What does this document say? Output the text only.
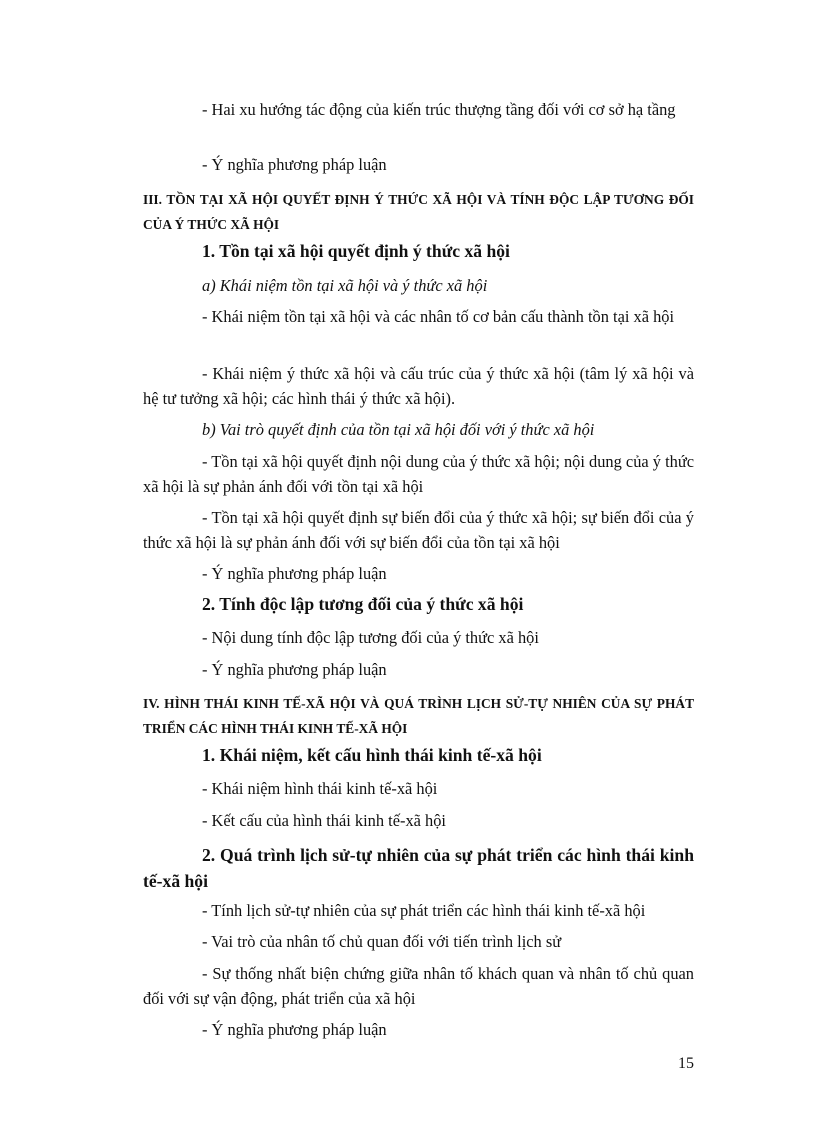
- Hai xu hướng tác động của kiến trúc thượng tầng đối với cơ sở hạ tầng

- Ý nghĩa phương pháp luận

III. TỒN TẠI XÃ HỘI QUYẾT ĐỊNH Ý THỨC XÃ HỘI VÀ TÍNH ĐỘC LẬP TƯƠNG ĐỐI CỦA Ý THỨC XÃ HỘI

1. Tồn tại xã hội quyết định ý thức xã hội

a) Khái niệm tồn tại xã hội và ý thức xã hội

- Khái niệm tồn tại xã hội và các nhân tố cơ bản cấu thành tồn tại xã hội

- Khái niệm ý thức xã hội và cấu trúc của ý thức xã hội (tâm lý xã hội và hệ tư tưởng xã hội; các hình thái ý thức xã hội).

b) Vai trò quyết định của tồn tại xã hội đối với ý thức xã hội

- Tồn tại xã hội quyết định nội dung của ý thức xã hội; nội dung của ý thức xã hội là sự phản ánh đối với tồn tại xã hội

- Tồn tại xã hội quyết định sự biến đổi của ý thức xã hội; sự biến đổi của ý thức xã hội là sự phản ánh đối với sự biến đổi của tồn tại xã hội

- Ý nghĩa phương pháp luận

2. Tính độc lập tương đối của ý thức xã hội

- Nội dung tính độc lập tương đối của ý thức xã hội

- Ý nghĩa phương pháp luận

IV. HÌNH THÁI KINH TẾ-XÃ HỘI VÀ QUÁ TRÌNH LỊCH SỬ-TỰ NHIÊN CỦA SỰ PHÁT TRIỂN CÁC HÌNH THÁI KINH TẾ-XÃ HỘI

1. Khái niệm, kết cấu hình thái kinh tế-xã hội

- Khái niệm hình thái kinh tế-xã hội

- Kết cấu của hình thái kinh tế-xã hội

2. Quá trình lịch sử-tự nhiên của sự phát triển các hình thái kinh tế-xã hội

- Tính lịch sử-tự nhiên của sự phát triển các hình thái kinh tế-xã hội

- Vai trò của nhân tố chủ quan đối với tiến trình lịch sử

- Sự thống nhất biện chứng giữa nhân tố khách quan và nhân tố chủ quan đối với sự vận động, phát triển của xã hội

- Ý nghĩa phương pháp luận

15
